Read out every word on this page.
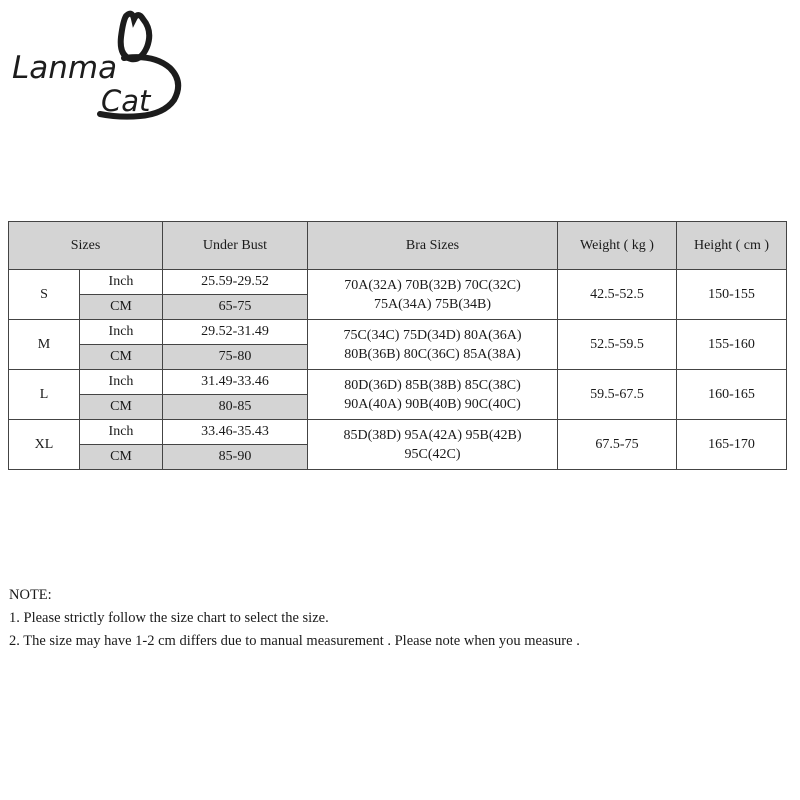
Lanma
Cat
Sizes		Under Bust	Bra Sizes	Weight ( kg )	Height ( cm )
S	Inch	25.59-29.52	70A(32A) 70B(32B) 70C(32C)
75A(34A) 75B(34B)	42.5-52.5	150-155
	CM	65-75			
M	Inch	29.52-31.49	75C(34C) 75D(34D) 80A(36A)
80B(36B) 80C(36C) 85A(38A)	52.5-59.5	155-160
	CM	75-80			
L	Inch	31.49-33.46	80D(36D) 85B(38B) 85C(38C)
90A(40A) 90B(40B) 90C(40C)	59.5-67.5	160-165
	CM	80-85			
XL	Inch	33.46-35.43	85D(38D) 95A(42A) 95B(42B)
95C(42C)	67.5-75	165-170
	CM	85-90			
NOTE:
1. Please strictly follow the size chart to select the size.
2. The size may have 1-2 cm differs due to manual measurement . Please note when you measure .
